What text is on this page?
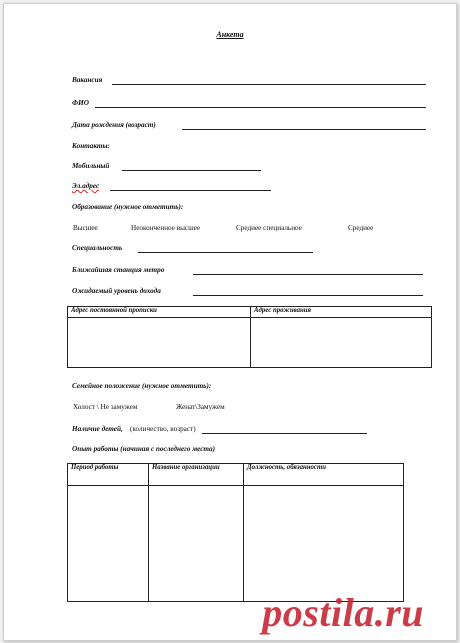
Анкета
Вакансия
ФИО
Дата рождения (возраст)
Контакты:
Мобильный
Эл.адрес
Образование (нужное отметить):
Высшее	Неоконченное высшее	Среднее специальное	Среднее
Специальность
Ближайшая станция метро
Ожидаемый уровень дохода
Адрес постоянной прописки	Адрес проживания

Семейное положение (нужное отметить):
Холост \ Не замужем	Женат\Замужем
Наличие детей, (количество, возраст)
Опыт работы (начиная с последнего места)
Период работы	Название организации	Должность, обязанности

postila.ru
